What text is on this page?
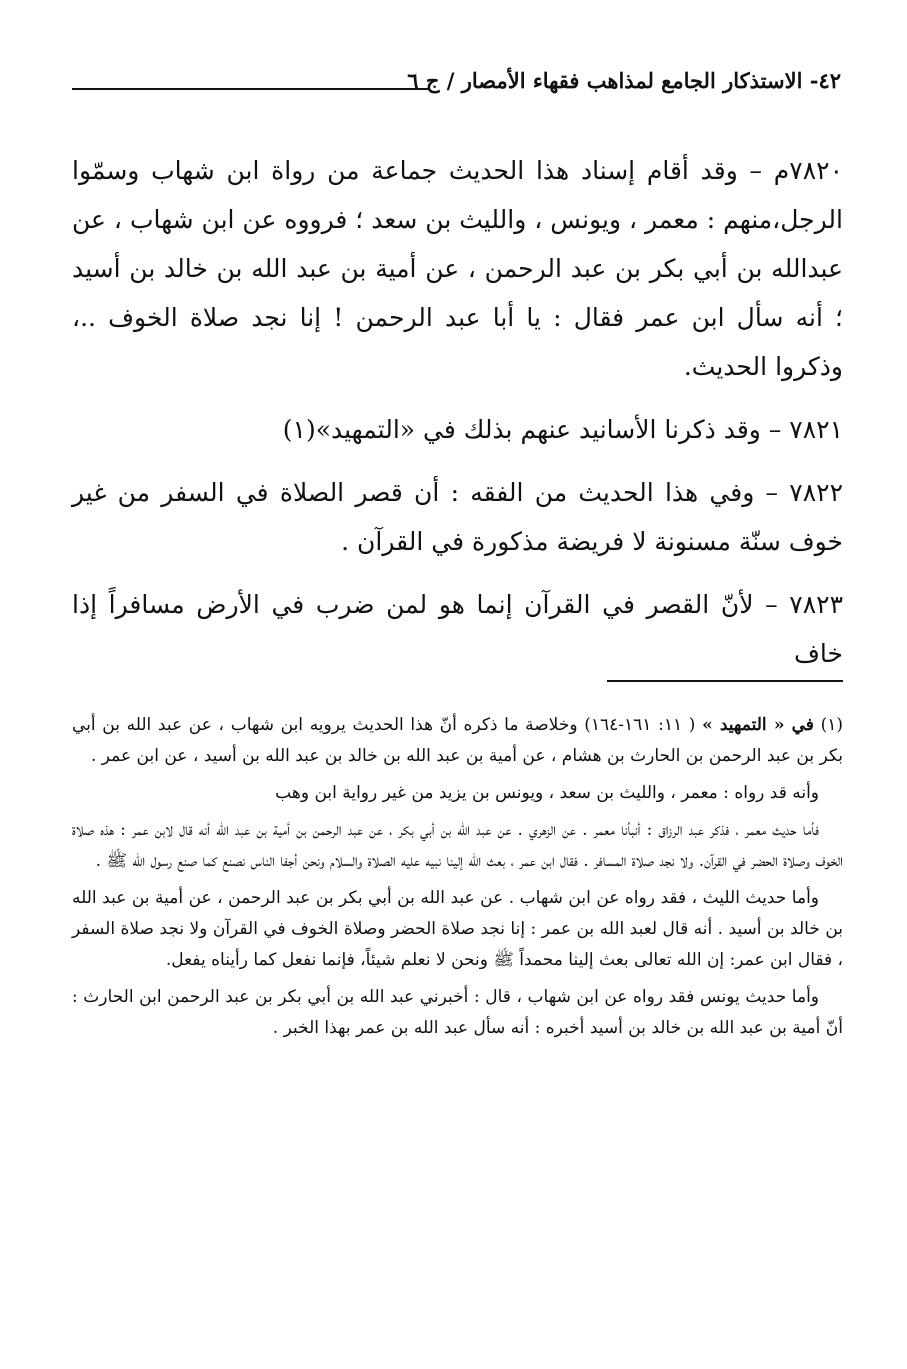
٤٢- الاستذكار الجامع لمذاهب فقهاء الأمصار / ج ٦

٧٨٢٠م – وقد أقام إسناد هذا الحديث جماعة من رواة ابن شهاب وسمّوا الرجل،منهم : معمر ، ويونس ، والليث بن سعد ؛ فرووه عن ابن شهاب ، عن عبدالله بن أبي بكر بن عبد الرحمن ، عن أمية بن عبد الله بن خالد بن أسيد ؛ أنه سأل ابن عمر فقال : يا أبا عبد الرحمن ! إنا نجد صلاة الخوف ..، وذكروا الحديث.

٧٨٢١ – وقد ذكرنا الأسانيد عنهم بذلك في «التمهيد»(١)

٧٨٢٢ – وفي هذا الحديث من الفقه : أن قصر الصلاة في السفر من غير خوف سنّة مسنونة لا فريضة مذكورة في القرآن .

٧٨٢٣ – لأنّ القصر في القرآن إنما هو لمن ضرب في الأرض مسافراً إذا خاف

(١) في « التمهيد » ( ١١: ١٦١-١٦٤) وخلاصة ما ذكره أنّ هذا الحديث يرويه ابن شهاب ، عن عبد الله بن أبي بكر بن عبد الرحمن بن الحارث بن هشام ، عن أمية بن عبد الله بن خالد بن عبد الله بن أسيد ، عن ابن عمر .

وأنه قد رواه : معمر ، والليث بن سعد ، ويونس بن يزيد من غير رواية ابن وهب

فأما حديث معمر ، فذكر عبد الرزاق : أنبأنا معمر . عن الزهري . عن عبد الله بن أبي بكر ، عن عبد الرحمن بن أمية بن عبد الله أنه قال لابن عمر : هذه صلاة الخوف وصلاة الحضر في القرآن. ولا نجد صلاة المسافر . فقال ابن عمر ، بعث الله إلينا نبيه عليه الصلاة والسلام ونحن أجفا الناس نصنع كما صنع رسول الله ﷺ .

وأما حديث الليث ، فقد رواه عن ابن شهاب . عن عبد الله بن أبي بكر بن عبد الرحمن ، عن أمية بن عبد الله بن خالد بن أسيد . أنه قال لعبد الله بن عمر : إنا نجد صلاة الحضر وصلاة الخوف في القرآن ولا نجد صلاة السفر ، فقال ابن عمر: إن الله تعالى بعث إلينا محمداً ﷺ ونحن لا نعلم شيئاً، فإنما نفعل كما رأيناه يفعل.

وأما حديث يونس فقد رواه عن ابن شهاب ، قال : أخبرني عبد الله بن أبي بكر بن عبد الرحمن ابن الحارث : أنّ أمية بن عبد الله بن خالد بن أسيد أخبره : أنه سأل عبد الله بن عمر بهذا الخبر .
